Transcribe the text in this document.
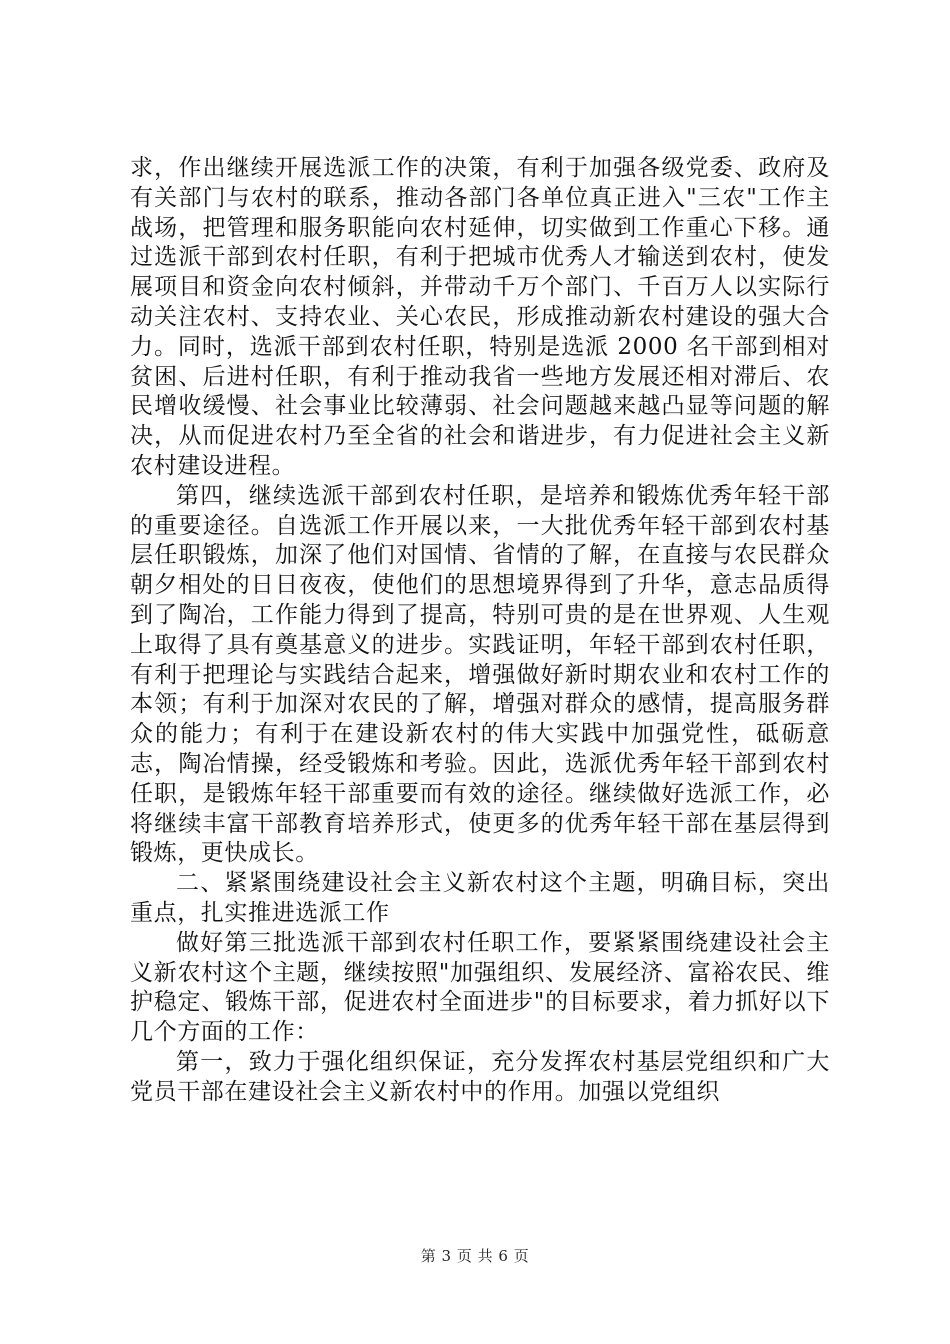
求，作出继续开展选派工作的决策，有利于加强各级党委、政府及有关部门与农村的联系，推动各部门各单位真正进入"三农"工作主战场，把管理和服务职能向农村延伸，切实做到工作重心下移。通过选派干部到农村任职，有利于把城市优秀人才输送到农村，使发展项目和资金向农村倾斜，并带动千万个部门、千百万人以实际行动关注农村、支持农业、关心农民，形成推动新农村建设的强大合力。同时，选派干部到农村任职，特别是选派 2000 名干部到相对贫困、后进村任职，有利于推动我省一些地方发展还相对滞后、农民增收缓慢、社会事业比较薄弱、社会问题越来越凸显等问题的解决，从而促进农村乃至全省的社会和谐进步，有力促进社会主义新农村建设进程。

第四，继续选派干部到农村任职，是培养和锻炼优秀年轻干部的重要途径。自选派工作开展以来，一大批优秀年轻干部到农村基层任职锻炼，加深了他们对国情、省情的了解，在直接与农民群众朝夕相处的日日夜夜，使他们的思想境界得到了升华，意志品质得到了陶冶，工作能力得到了提高，特别可贵的是在世界观、人生观上取得了具有奠基意义的进步。实践证明，年轻干部到农村任职，有利于把理论与实践结合起来，增强做好新时期农业和农村工作的本领；有利于加深对农民的了解，增强对群众的感情，提高服务群众的能力；有利于在建设新农村的伟大实践中加强党性，砥砺意志，陶冶情操，经受锻炼和考验。因此，选派优秀年轻干部到农村任职，是锻炼年轻干部重要而有效的途径。继续做好选派工作，必将继续丰富干部教育培养形式，使更多的优秀年轻干部在基层得到锻炼，更快成长。

二、紧紧围绕建设社会主义新农村这个主题，明确目标，突出重点，扎实推进选派工作

做好第三批选派干部到农村任职工作，要紧紧围绕建设社会主义新农村这个主题，继续按照"加强组织、发展经济、富裕农民、维护稳定、锻炼干部，促进农村全面进步"的目标要求，着力抓好以下几个方面的工作：

第一，致力于强化组织保证，充分发挥农村基层党组织和广大党员干部在建设社会主义新农村中的作用。加强以党组织

第 3 页 共 6 页
